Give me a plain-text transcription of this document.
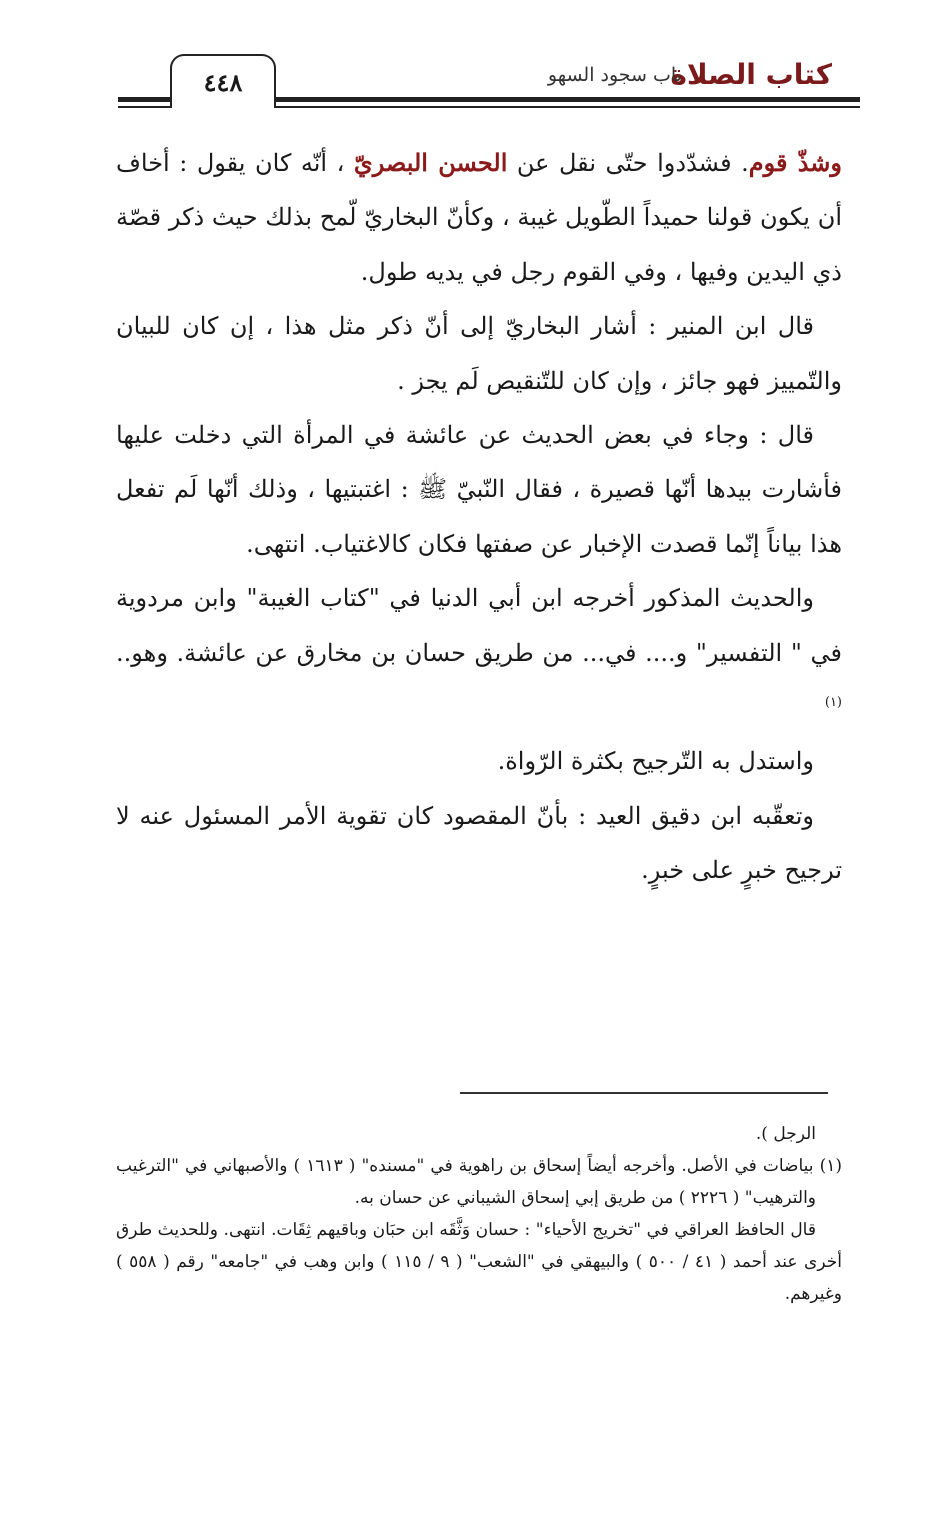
كتاب الصلاة
باب سجود السهو
٤٤٨

وشذّ قوم. فشدّدوا حتّى نقل عن الحسن البصريّ ، أنّه كان يقول : أخاف أن يكون قولنا حميداً الطّويل غيبة ، وكأنّ البخاريّ لّمح بذلك حيث ذكر قصّة ذي اليدين وفيها ، وفي القوم رجل في يديه طول.

قال ابن المنير : أشار البخاريّ إلى أنّ ذكر مثل هذا ، إن كان للبيان والتّمييز فهو جائز ، وإن كان للتّنقيص لَم يجز .

قال : وجاء في بعض الحديث عن عائشة في المرأة التي دخلت عليها فأشارت بيدها أنّها قصيرة ، فقال النّبيّ ﷺ : اغتبتيها ، وذلك أنّها لَم تفعل هذا بياناً إنّما قصدت الإخبار عن صفتها فكان كالاغتياب. انتهى.

والحديث المذكور أخرجه ابن أبي الدنيا في "كتاب الغيبة" وابن مردوية في " التفسير" و.... في... من طريق حسان بن مخارق عن عائشة. وهو.. $^{(١)}$

واستدل به التّرجيح بكثرة الرّواة.

وتعقّبه ابن دقيق العيد : بأنّ المقصود كان تقوية الأمر المسئول عنه لا ترجيح خبرٍ على خبرٍ.

الرجل ).

(١) بياضات في الأصل. وأخرجه أيضاً إسحاق بن راهوية في "مسنده" ( ١٦١٣ ) والأصبهاني في "الترغيب والترهيب" ( ٢٢٢٦ ) من طريق إبي إسحاق الشيباني عن حسان به.

قال الحافظ العراقي في "تخريج الأحياء" : حسان وَثَّقَه ابن حبَان وباقيهم ثِقَات. انتهى. وللحديث طرق أخرى عند أحمد ( ٤١ / ٥٠٠ ) والبيهقي في "الشعب" ( ٩ / ١١٥ ) وابن وهب في "جامعه" رقم ( ٥٥٨ ) وغيرهم.
